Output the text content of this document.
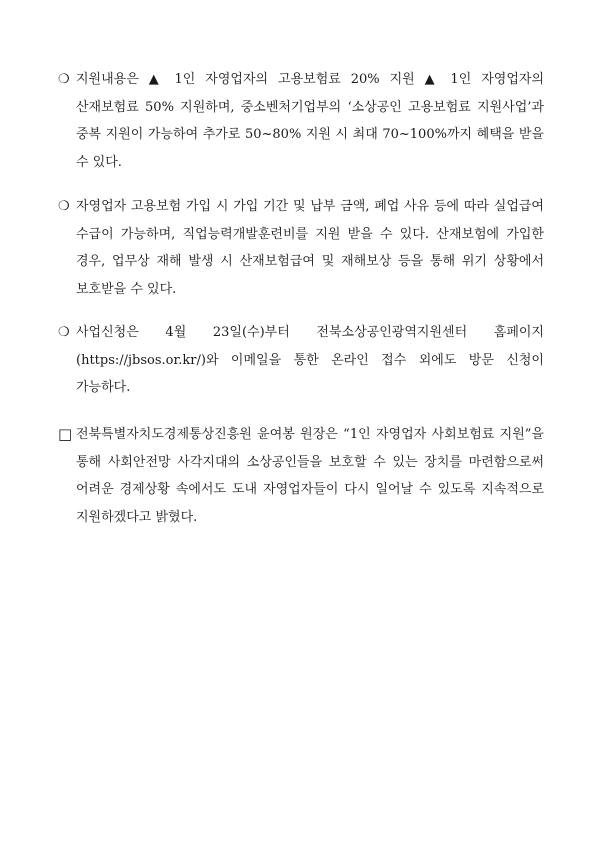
❍ 지원내용은 ▲ 1인 자영업자의 고용보험료 20% 지원 ▲ 1인 자영업자의 산재보험료 50% 지원하며, 중소벤처기업부의 ‘소상공인 고용보험료 지원사업’과 중복 지원이 가능하여 추가로 50~80% 지원 시 최대 70~100%까지 혜택을 받을 수 있다.
❍ 자영업자 고용보험 가입 시 가입 기간 및 납부 금액, 폐업 사유 등에 따라 실업급여 수급이 가능하며, 직업능력개발훈련비를 지원 받을 수 있다. 산재보험에 가입한 경우, 업무상 재해 발생 시 산재보험급여 및 재해보상 등을 통해 위기 상황에서 보호받을 수 있다.
❍ 사업신청은 4월 23일(수)부터 전북소상공인광역지원센터 홈페이지(https://jbsos.or.kr/)와 이메일을 통한 온라인 접수 외에도 방문 신청이 가능하다.
□ 전북특별자치도경제통상진흥원 윤여봉 원장은 “1인 자영업자 사회보험료 지원”을 통해 사회안전망 사각지대의 소상공인들을 보호할 수 있는 장치를 마련함으로써 어려운 경제상황 속에서도 도내 자영업자들이 다시 일어날 수 있도록 지속적으로 지원하겠다고 밝혔다.
